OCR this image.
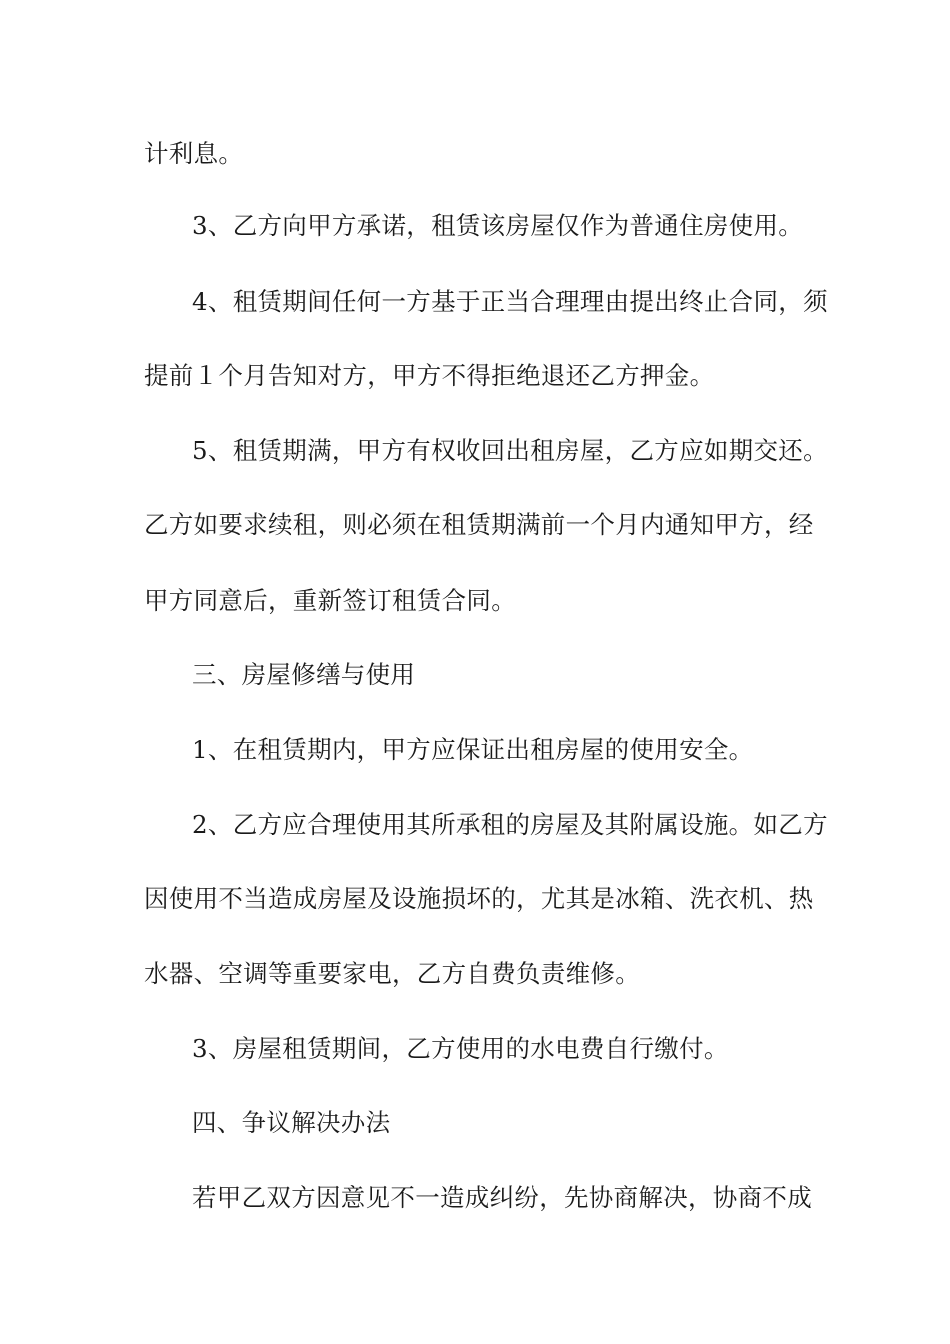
计利息。
3、乙方向甲方承诺，租赁该房屋仅作为普通住房使用。
4、租赁期间任何一方基于正当合理理由提出终止合同，须
提前１个月告知对方，甲方不得拒绝退还乙方押金。
5、租赁期满，甲方有权收回出租房屋，乙方应如期交还。
乙方如要求续租，则必须在租赁期满前一个月内通知甲方，经
甲方同意后，重新签订租赁合同。
三、房屋修缮与使用
1、在租赁期内，甲方应保证出租房屋的使用安全。
2、乙方应合理使用其所承租的房屋及其附属设施。如乙方
因使用不当造成房屋及设施损坏的，尤其是冰箱、洗衣机、热
水器、空调等重要家电，乙方自费负责维修。
3、房屋租赁期间，乙方使用的水电费自行缴付。
四、争议解决办法
若甲乙双方因意见不一造成纠纷，先协商解决，协商不成
